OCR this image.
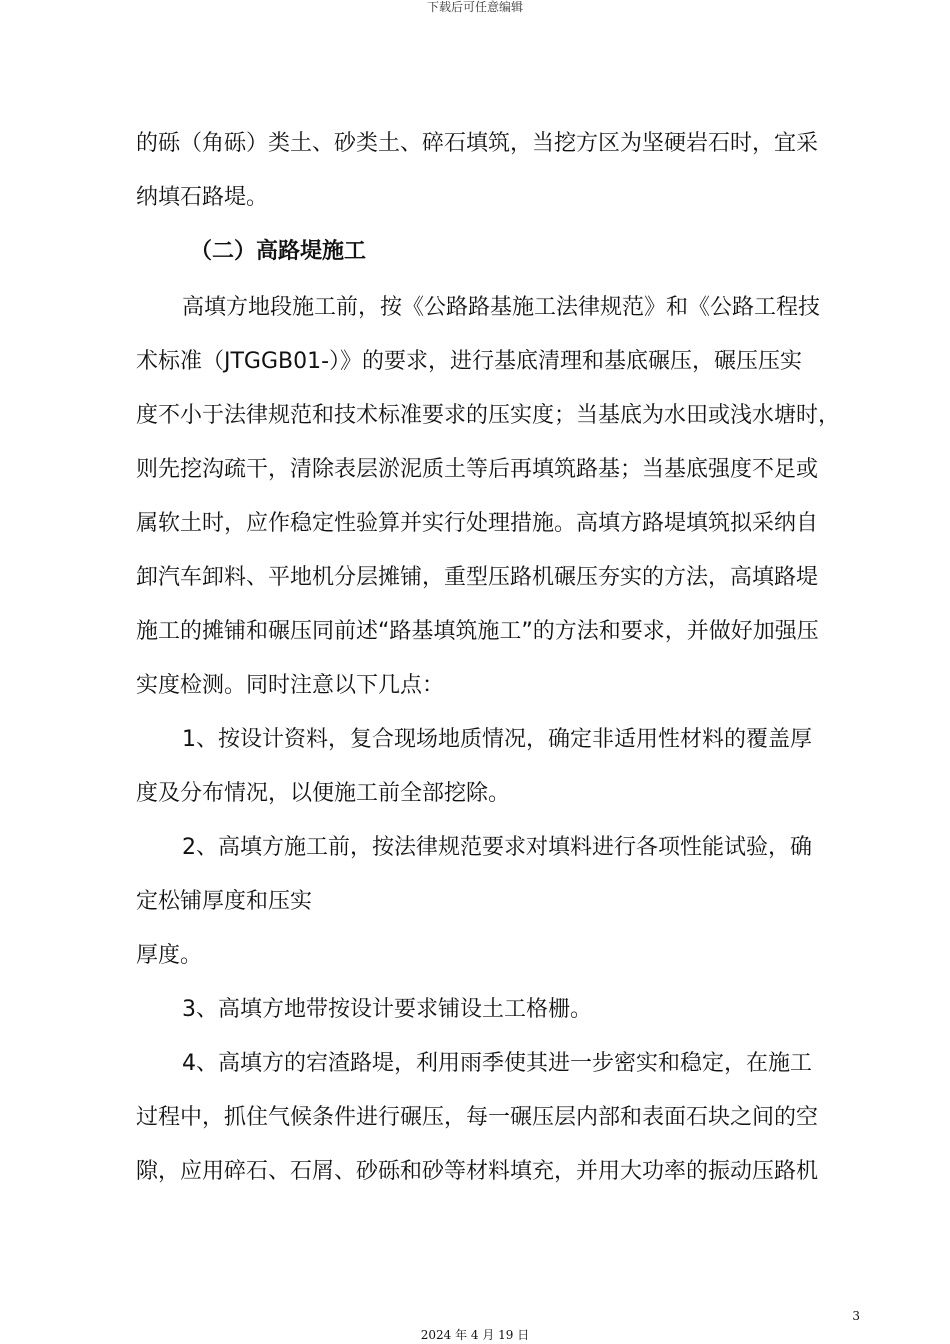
下载后可任意编辑
的砾（角砾）类土、砂类土、碎石填筑，当挖方区为坚硬岩石时，宜采
纳填石路堤。
（二）高路堤施工
高填方地段施工前，按《公路路基施工法律规范》和《公路工程技
术标准（JTGGB01-）》的要求，进行基底清理和基底碾压，碾压压实
度不小于法律规范和技术标准要求的压实度；当基底为水田或浅水塘时，
则先挖沟疏干，清除表层淤泥质土等后再填筑路基；当基底强度不足或
属软土时，应作稳定性验算并实行处理措施。高填方路堤填筑拟采纳自
卸汽车卸料、平地机分层摊铺，重型压路机碾压夯实的方法，高填路堤
施工的摊铺和碾压同前述“路基填筑施工”的方法和要求，并做好加强压
实度检测。同时注意以下几点：
1、按设计资料，复合现场地质情况，确定非适用性材料的覆盖厚
度及分布情况，以便施工前全部挖除。
2、高填方施工前，按法律规范要求对填料进行各项性能试验，确
定松铺厚度和压实
厚度。
3、高填方地带按设计要求铺设土工格栅。
4、高填方的宕渣路堤，利用雨季使其进一步密实和稳定，在施工
过程中，抓住气候条件进行碾压，每一碾压层内部和表面石块之间的空
隙，应用碎石、石屑、砂砾和砂等材料填充，并用大功率的振动压路机
3
2024 年 4 月 19 日
